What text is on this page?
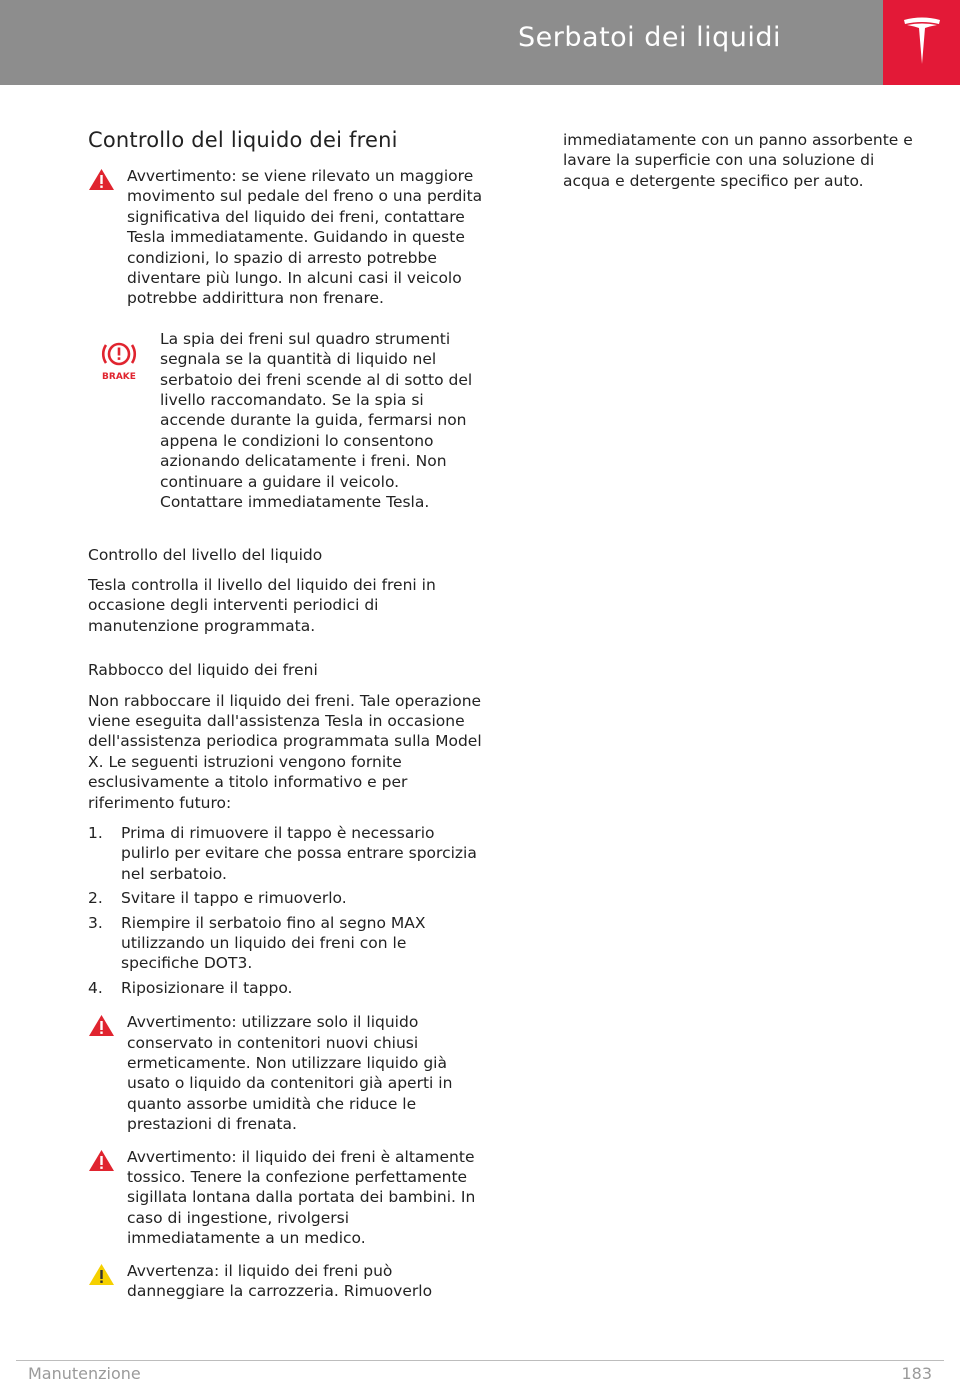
Serbatoi dei liquidi
Controllo del liquido dei freni

Avvertimento: se viene rilevato un maggiore movimento sul pedale del freno o una perdita significativa del liquido dei freni, contattare Tesla immediatamente. Guidando in queste condizioni, lo spazio di arresto potrebbe diventare più lungo. In alcuni casi il veicolo potrebbe addirittura non frenare.

BRAKE

La spia dei freni sul quadro strumenti segnala se la quantità di liquido nel serbatoio dei freni scende al di sotto del livello raccomandato. Se la spia si accende durante la guida, fermarsi non appena le condizioni lo consentono azionando delicatamente i freni. Non continuare a guidare il veicolo. Contattare immediatamente Tesla.

Controllo del livello del liquido

Tesla controlla il livello del liquido dei freni in occasione degli interventi periodici di manutenzione programmata.

Rabbocco del liquido dei freni

Non rabboccare il liquido dei freni. Tale operazione viene eseguita dall'assistenza Tesla in occasione dell'assistenza periodica programmata sulla Model X. Le seguenti istruzioni vengono fornite esclusivamente a titolo informativo e per riferimento futuro:

1. Prima di rimuovere il tappo è necessario pulirlo per evitare che possa entrare sporcizia nel serbatoio.
2. Svitare il tappo e rimuoverlo.
3. Riempire il serbatoio fino al segno MAX utilizzando un liquido dei freni con le specifiche DOT3.
4. Riposizionare il tappo.

Avvertimento: utilizzare solo il liquido conservato in contenitori nuovi chiusi ermeticamente. Non utilizzare liquido già usato o liquido da contenitori già aperti in quanto assorbe umidità che riduce le prestazioni di frenata.

Avvertimento: il liquido dei freni è altamente tossico. Tenere la confezione perfettamente sigillata lontana dalla portata dei bambini. In caso di ingestione, rivolgersi immediatamente a un medico.

Avvertenza: il liquido dei freni può danneggiare la carrozzeria. Rimuoverlo

immediatamente con un panno assorbente e lavare la superficie con una soluzione di acqua e detergente specifico per auto.

Manutenzione	183
